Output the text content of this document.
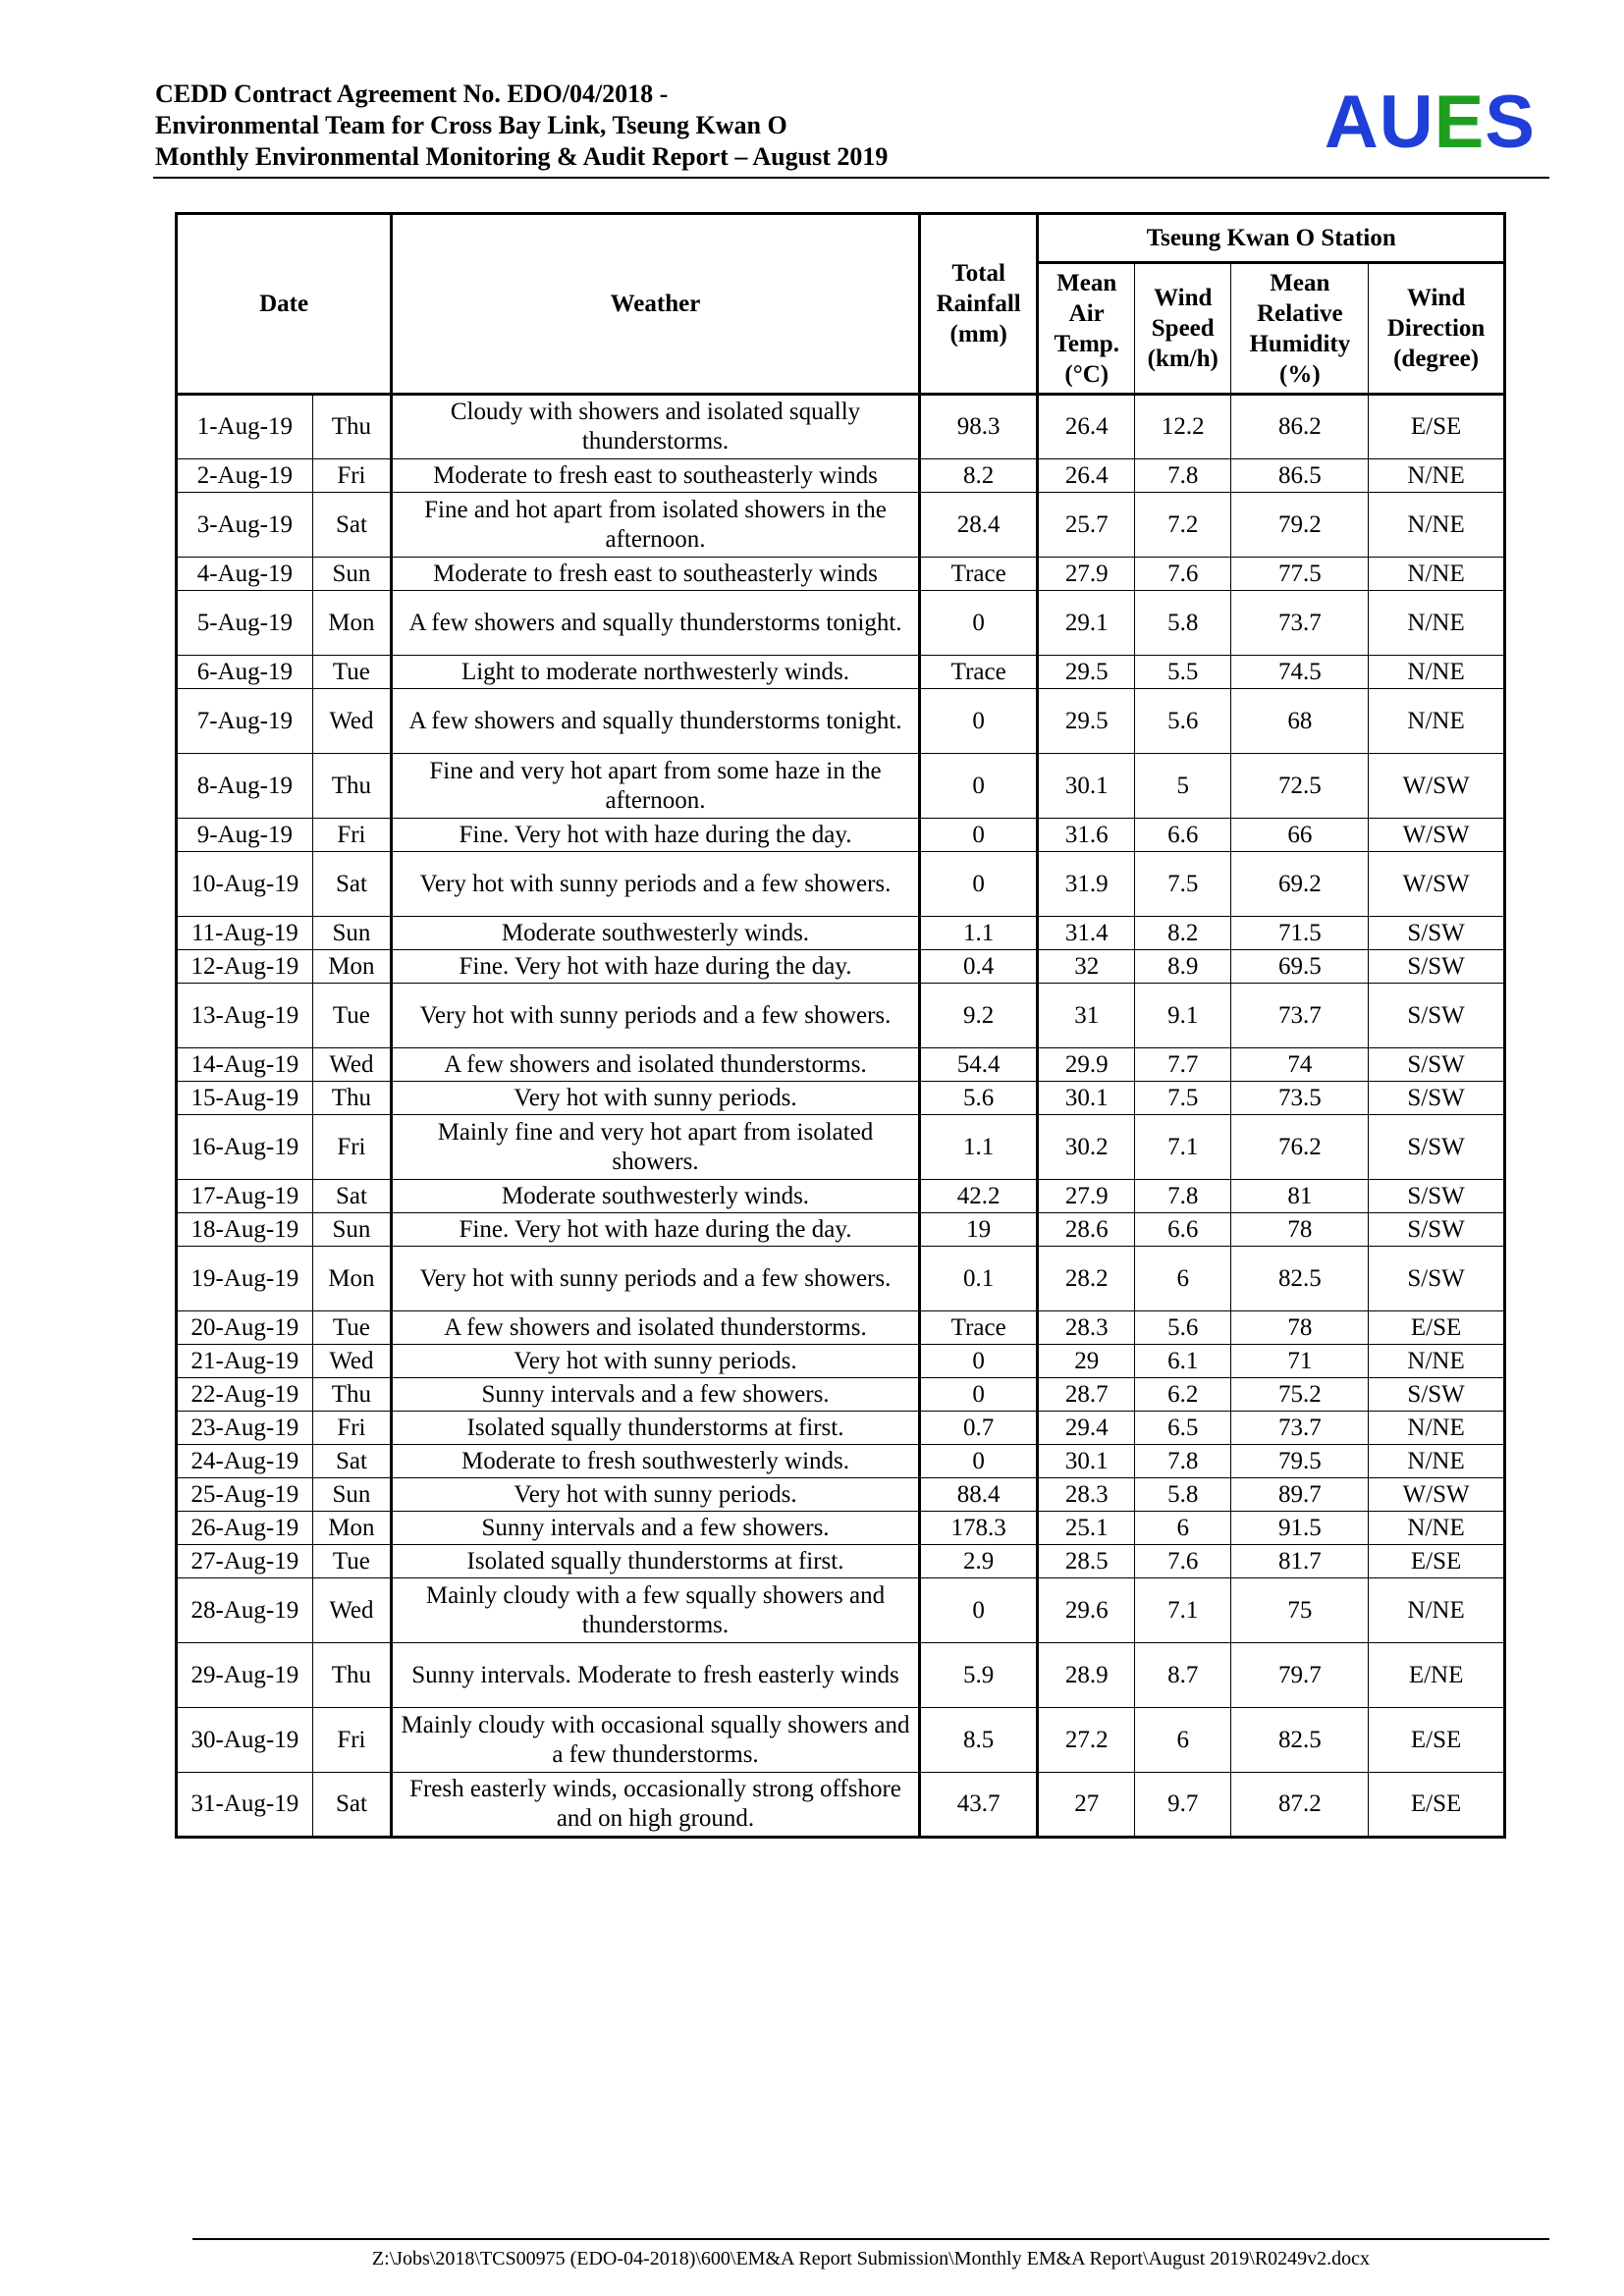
CEDD Contract Agreement No. EDO/04/2018 -
Environmental Team for Cross Bay Link, Tseung Kwan O
Monthly Environmental Monitoring & Audit Report – August 2019	AUES
Date		Weather	Total Rainfall (mm)	Tseung Kwan O Station			
				Mean Air Temp. (°C)	Wind Speed (km/h)	Mean Relative Humidity (%)	Wind Direction (degree)
1-Aug-19	Thu	Cloudy with showers and isolated squally thunderstorms.	98.3	26.4	12.2	86.2	E/SE
2-Aug-19	Fri	Moderate to fresh east to southeasterly winds	8.2	26.4	7.8	86.5	N/NE
3-Aug-19	Sat	Fine and hot apart from isolated showers in the afternoon.	28.4	25.7	7.2	79.2	N/NE
4-Aug-19	Sun	Moderate to fresh east to southeasterly winds	Trace	27.9	7.6	77.5	N/NE
5-Aug-19	Mon	A few showers and squally thunderstorms tonight.	0	29.1	5.8	73.7	N/NE
6-Aug-19	Tue	Light to moderate northwesterly winds.	Trace	29.5	5.5	74.5	N/NE
7-Aug-19	Wed	A few showers and squally thunderstorms tonight.	0	29.5	5.6	68	N/NE
8-Aug-19	Thu	Fine and very hot apart from some haze in the afternoon.	0	30.1	5	72.5	W/SW
9-Aug-19	Fri	Fine. Very hot with haze during the day.	0	31.6	6.6	66	W/SW
10-Aug-19	Sat	Very hot with sunny periods and a few showers.	0	31.9	7.5	69.2	W/SW
11-Aug-19	Sun	Moderate southwesterly winds.	1.1	31.4	8.2	71.5	S/SW
12-Aug-19	Mon	Fine. Very hot with haze during the day.	0.4	32	8.9	69.5	S/SW
13-Aug-19	Tue	Very hot with sunny periods and a few showers.	9.2	31	9.1	73.7	S/SW
14-Aug-19	Wed	A few showers and isolated thunderstorms.	54.4	29.9	7.7	74	S/SW
15-Aug-19	Thu	Very hot with sunny periods.	5.6	30.1	7.5	73.5	S/SW
16-Aug-19	Fri	Mainly fine and very hot apart from isolated showers.	1.1	30.2	7.1	76.2	S/SW
17-Aug-19	Sat	Moderate southwesterly winds.	42.2	27.9	7.8	81	S/SW
18-Aug-19	Sun	Fine. Very hot with haze during the day.	19	28.6	6.6	78	S/SW
19-Aug-19	Mon	Very hot with sunny periods and a few showers.	0.1	28.2	6	82.5	S/SW
20-Aug-19	Tue	A few showers and isolated thunderstorms.	Trace	28.3	5.6	78	E/SE
21-Aug-19	Wed	Very hot with sunny periods.	0	29	6.1	71	N/NE
22-Aug-19	Thu	Sunny intervals and a few showers.	0	28.7	6.2	75.2	S/SW
23-Aug-19	Fri	Isolated squally thunderstorms at first.	0.7	29.4	6.5	73.7	N/NE
24-Aug-19	Sat	Moderate to fresh southwesterly winds.	0	30.1	7.8	79.5	N/NE
25-Aug-19	Sun	Very hot with sunny periods.	88.4	28.3	5.8	89.7	W/SW
26-Aug-19	Mon	Sunny intervals and a few showers.	178.3	25.1	6	91.5	N/NE
27-Aug-19	Tue	Isolated squally thunderstorms at first.	2.9	28.5	7.6	81.7	E/SE
28-Aug-19	Wed	Mainly cloudy with a few squally showers and thunderstorms.	0	29.6	7.1	75	N/NE
29-Aug-19	Thu	Sunny intervals. Moderate to fresh easterly winds	5.9	28.9	8.7	79.7	E/NE
30-Aug-19	Fri	Mainly cloudy with occasional squally showers and a few thunderstorms.	8.5	27.2	6	82.5	E/SE
31-Aug-19	Sat	Fresh easterly winds, occasionally strong offshore and on high ground.	43.7	27	9.7	87.2	E/SE
Z:\Jobs\2018\TCS00975 (EDO-04-2018)\600\EM&A Report Submission\Monthly EM&A Report\August 2019\R0249v2.docx
